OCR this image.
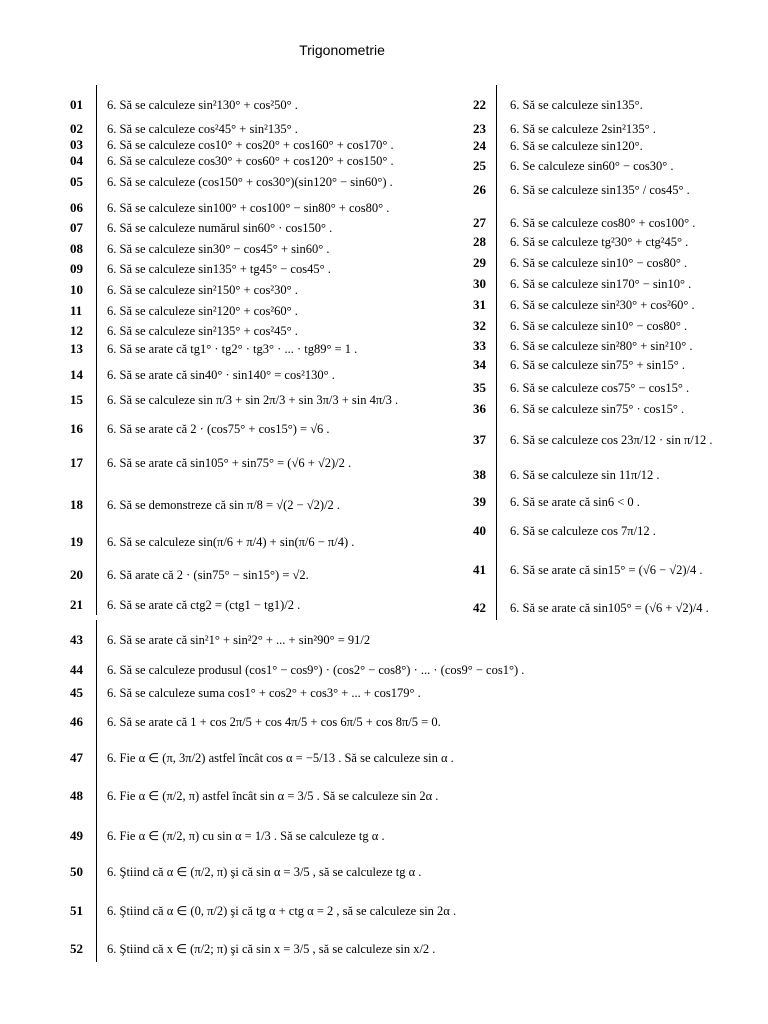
Trigonometrie
01	6. Să se calculeze sin²130° + cos²50° .
02	6. Să se calculeze cos²45° + sin²135° .
03	6. Să se calculeze cos10° + cos20° + cos160° + cos170° .
04	6. Să se calculeze cos30° + cos60° + cos120° + cos150° .
05	6. Să se calculeze (cos150° + cos30°)(sin120° − sin60°) .
06	6. Să se calculeze sin100° + cos100° − sin80° + cos80° .
07	6. Să se calculeze numărul sin60° · cos150° .
08	6. Să se calculeze sin30° − cos45° + sin60° .
09	6. Să se calculeze sin135° + tg45° − cos45° .
10	6. Să se calculeze sin²150° + cos²30° .
11	6. Să se calculeze sin²120° + cos²60° .
12	6. Să se calculeze sin²135° + cos²45° .
13	6. Să se arate că tg1° · tg2° · tg3° · ... · tg89° = 1 .
14	6. Să se arate că sin40° · sin140° = cos²130° .
15	6. Să se calculeze sin π/3 + sin 2π/3 + sin 3π/3 + sin 4π/3 .
16	6. Să se arate că 2 · (cos75° + cos15°) = √6 .
17	6. Să se arate că sin105° + sin75° = (√6 + √2)/2 .
18	6. Să se demonstreze că sin π/8 = √(2 − √2)/2 .
19	6. Să se calculeze sin(π/6 + π/4) + sin(π/6 − π/4) .
20	6. Să arate că 2 · (sin75° − sin15°) = √2.
21	6. Să se arate că ctg2 = (ctg1 − tg1)/2 .
22	6. Să se calculeze sin135°.
23	6. Să se calculeze 2sin²135° .
24	6. Să se calculeze sin120°.
25	6. Se calculeze sin60° − cos30° .
26	6. Să se calculeze sin135° / cos45° .
27	6. Să se calculeze cos80° + cos100° .
28	6. Să se calculeze tg²30° + ctg²45° .
29	6. Să se calculeze sin10° − cos80° .
30	6. Să se calculeze sin170° − sin10° .
31	6. Să se calculeze sin²30° + cos²60° .
32	6. Să se calculeze sin10° − cos80° .
33	6. Să se calculeze sin²80° + sin²10° .
34	6. Să se calculeze sin75° + sin15° .
35	6. Să se calculeze cos75° − cos15° .
36	6. Să se calculeze sin75° · cos15° .
37	6. Să se calculeze cos 23π/12 · sin π/12 .
38	6. Să se calculeze sin 11π/12 .
39	6. Să se arate că sin6 < 0 .
40	6. Să se calculeze cos 7π/12 .
41	6. Să se arate că sin15° = (√6 − √2)/4 .
42	6. Să se arate că sin105° = (√6 + √2)/4 .
43	6. Să se arate că sin²1° + sin²2° + ... + sin²90° = 91/2
44	6. Să se calculeze produsul (cos1° − cos9°) · (cos2° − cos8°) · ... · (cos9° − cos1°) .
45	6. Să se calculeze suma cos1° + cos2° + cos3° + ... + cos179° .
46	6. Să se arate că 1 + cos 2π/5 + cos 4π/5 + cos 6π/5 + cos 8π/5 = 0.
47	6. Fie α ∈ (π, 3π/2) astfel încât cos α = −5/13 . Să se calculeze sin α .
48	6. Fie α ∈ (π/2, π) astfel încât sin α = 3/5 . Să se calculeze sin 2α .
49	6. Fie α ∈ (π/2, π) cu sin α = 1/3 . Să se calculeze tg α .
50	6. Ştiind că α ∈ (π/2, π) şi că sin α = 3/5 , să se calculeze tg α .
51	6. Ştiind că α ∈ (0, π/2) şi că tg α + ctg α = 2 , să se calculeze sin 2α .
52	6. Ştiind că x ∈ (π/2; π) şi că sin x = 3/5 , să se calculeze sin x/2 .
